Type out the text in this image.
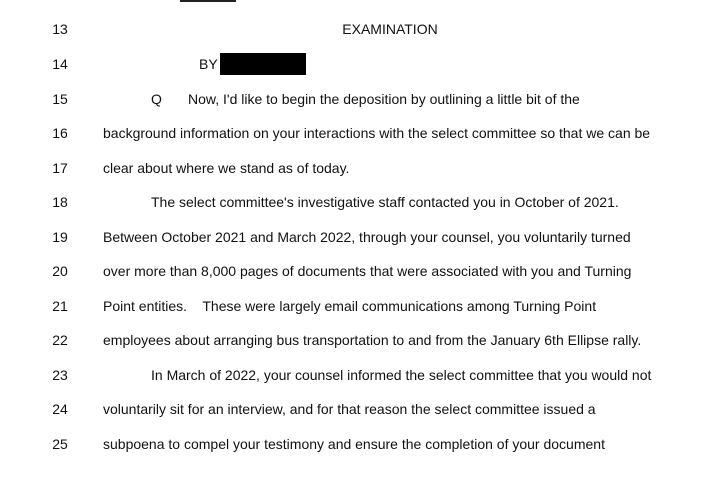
13	EXAMINATION
14	BY
15	Q Now, I'd like to begin the deposition by outlining a little bit of the
16	background information on your interactions with the select committee so that we can be
17	clear about where we stand as of today.
18	The select committee's investigative staff contacted you in October of 2021.
19	Between October 2021 and March 2022, through your counsel, you voluntarily turned
20	over more than 8,000 pages of documents that were associated with you and Turning
21	Point entities.    These were largely email communications among Turning Point
22	employees about arranging bus transportation to and from the January 6th Ellipse rally.
23	In March of 2022, your counsel informed the select committee that you would not
24	voluntarily sit for an interview, and for that reason the select committee issued a
25	subpoena to compel your testimony and ensure the completion of your document
